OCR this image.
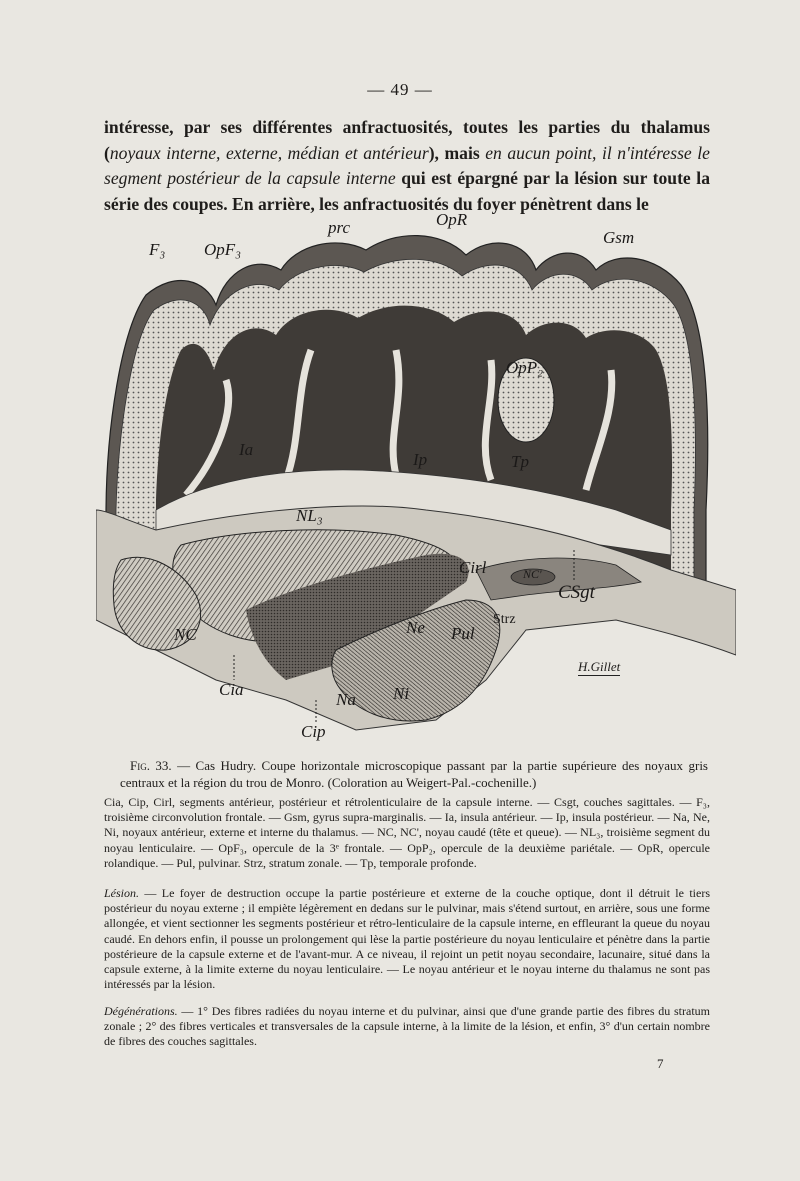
— 49 —

intéresse, par ses différentes anfractuosités, toutes les parties du thalamus (noyaux interne, externe, médian et antérieur), mais en aucun point, il n'intéresse le segment postérieur de la capsule interne qui est épargné par la lésion sur toute la série des coupes. En arrière, les anfractuosités du foyer pénètrent dans le

F₃ OpF₃
prc	OpR
Gsm
OpP₂
Ia
Ip	Tp
NL₃
Cirl	NC'
CSgt
Strz
NC	Ne Pul
Cia
Na Ni
Cip
H.Gillet

Fig. 33. — Cas Hudry. Coupe horizontale microscopique passant par la partie supérieure des noyaux gris centraux et la région du trou de Monro. (Coloration au Weigert-Pal.-cochenille.)

Cia, Cip, Cirl, segments antérieur, postérieur et rétrolenticulaire de la capsule interne. — Csgt, couches sagittales. — F₃, troisième circonvolution frontale. — Gsm, gyrus supra-marginalis. — Ia, insula antérieur. — Ip, insula postérieur. — Na, Ne, Ni, noyaux antérieur, externe et interne du thalamus. — NC, NC', noyau caudé (tête et queue). — NL₃, troisième segment du noyau lenticulaire. — OpF₃, opercule de la 3ᵉ frontale. — OpP₂, opercule de la deuxième pariétale. — OpR, opercule rolandique. — Pul, pulvinar. Strz, stratum zonale. — Tp, temporale profonde.

Lésion. — Le foyer de destruction occupe la partie postérieure et externe de la couche optique, dont il détruit le tiers postérieur du noyau externe ; il empiète légèrement en dedans sur le pulvinar, mais s'étend surtout, en arrière, sous une forme allongée, et vient sectionner les segments postérieur et rétro-lenticulaire de la capsule interne, en effleurant la queue du noyau caudé. En dehors enfin, il pousse un prolongement qui lèse la partie postérieure du noyau lenticulaire et pénètre dans la partie postérieure de la capsule externe et de l'avant-mur. A ce niveau, il rejoint un petit noyau secondaire, lacunaire, situé dans la capsule externe, à la limite externe du noyau lenticulaire. — Le noyau antérieur et le noyau interne du thalamus ne sont pas intéressés par la lésion.

Dégénérations. — 1° Des fibres radiées du noyau interne et du pulvinar, ainsi que d'une grande partie des fibres du stratum zonale ; 2° des fibres verticales et transversales de la capsule interne, à la limite de la lésion, et enfin, 3° d'un certain nombre de fibres des couches sagittales.

7
